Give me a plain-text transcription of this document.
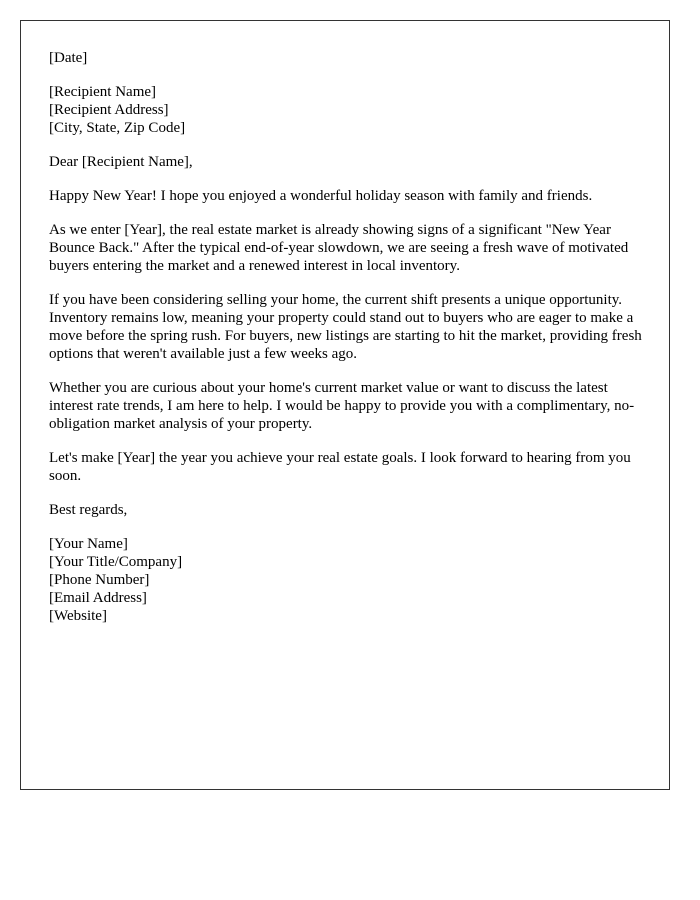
[Date]

[Recipient Name]
[Recipient Address]
[City, State, Zip Code]

Dear [Recipient Name],

Happy New Year! I hope you enjoyed a wonderful holiday season with family and friends.

As we enter [Year], the real estate market is already showing signs of a significant "New Year Bounce Back." After the typical end-of-year slowdown, we are seeing a fresh wave of motivated buyers entering the market and a renewed interest in local inventory.

If you have been considering selling your home, the current shift presents a unique opportunity. Inventory remains low, meaning your property could stand out to buyers who are eager to make a move before the spring rush. For buyers, new listings are starting to hit the market, providing fresh options that weren't available just a few weeks ago.

Whether you are curious about your home's current market value or want to discuss the latest interest rate trends, I am here to help. I would be happy to provide you with a complimentary, no-obligation market analysis of your property.

Let's make [Year] the year you achieve your real estate goals. I look forward to hearing from you soon.

Best regards,

[Your Name]
[Your Title/Company]
[Phone Number]
[Email Address]
[Website]
